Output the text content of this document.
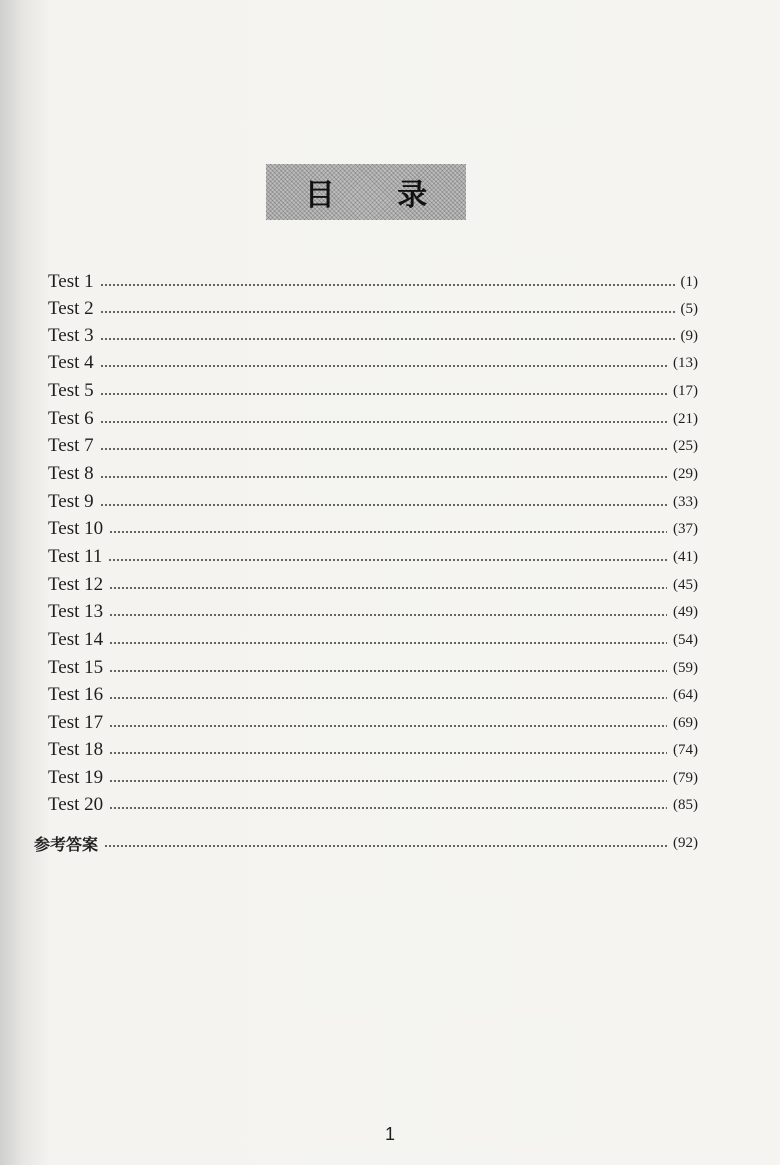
目 录
Test 1	(1)
Test 2	(5)
Test 3	(9)
Test 4	(13)
Test 5	(17)
Test 6	(21)
Test 7	(25)
Test 8	(29)
Test 9	(33)
Test 10	(37)
Test 11	(41)
Test 12	(45)
Test 13	(49)
Test 14	(54)
Test 15	(59)
Test 16	(64)
Test 17	(69)
Test 18	(74)
Test 19	(79)
Test 20	(85)
参考答案	(92)
1
